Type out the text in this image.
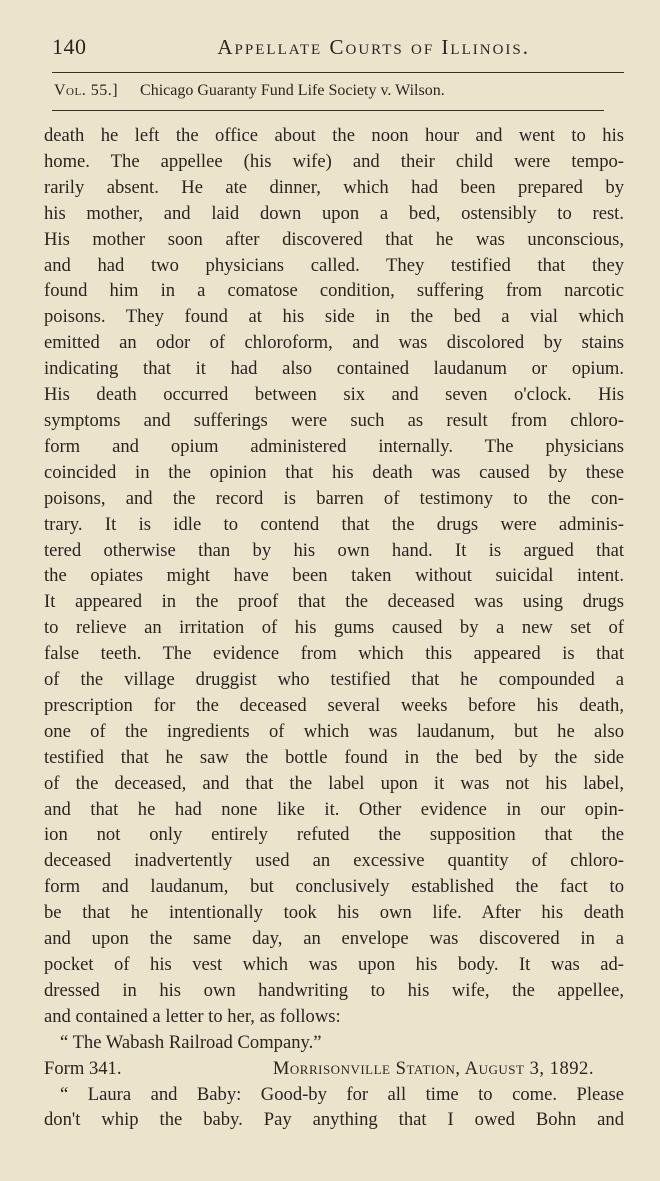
140	Appellate Courts of Illinois.
Vol. 55.] Chicago Guaranty Fund Life Society v. Wilson.
death he left the office about the noon hour and went to his
home. The appellee (his wife) and their child were tempo-
rarily absent. He ate dinner, which had been prepared by
his mother, and laid down upon a bed, ostensibly to rest.
His mother soon after discovered that he was unconscious,
and had two physicians called. They testified that they
found him in a comatose condition, suffering from narcotic
poisons. They found at his side in the bed a vial which
emitted an odor of chloroform, and was discolored by stains
indicating that it had also contained laudanum or opium.
His death occurred between six and seven o'clock. His
symptoms and sufferings were such as result from chloro-
form and opium administered internally. The physicians
coincided in the opinion that his death was caused by these
poisons, and the record is barren of testimony to the con-
trary. It is idle to contend that the drugs were adminis-
tered otherwise than by his own hand. It is argued that
the opiates might have been taken without suicidal intent.
It appeared in the proof that the deceased was using drugs
to relieve an irritation of his gums caused by a new set of
false teeth. The evidence from which this appeared is that
of the village druggist who testified that he compounded a
prescription for the deceased several weeks before his death,
one of the ingredients of which was laudanum, but he also
testified that he saw the bottle found in the bed by the side
of the deceased, and that the label upon it was not his label,
and that he had none like it. Other evidence in our opin-
ion not only entirely refuted the supposition that the
deceased inadvertently used an excessive quantity of chloro-
form and laudanum, but conclusively established the fact to
be that he intentionally took his own life. After his death
and upon the same day, an envelope was discovered in a
pocket of his vest which was upon his body. It was ad-
dressed in his own handwriting to his wife, the appellee,
and contained a letter to her, as follows:
“ The Wabash Railroad Company.”
Form 341.	Morrisonville Station, August 3, 1892.
“ Laura and Baby: Good-by for all time to come. Please
don't whip the baby. Pay anything that I owed Bohn and
